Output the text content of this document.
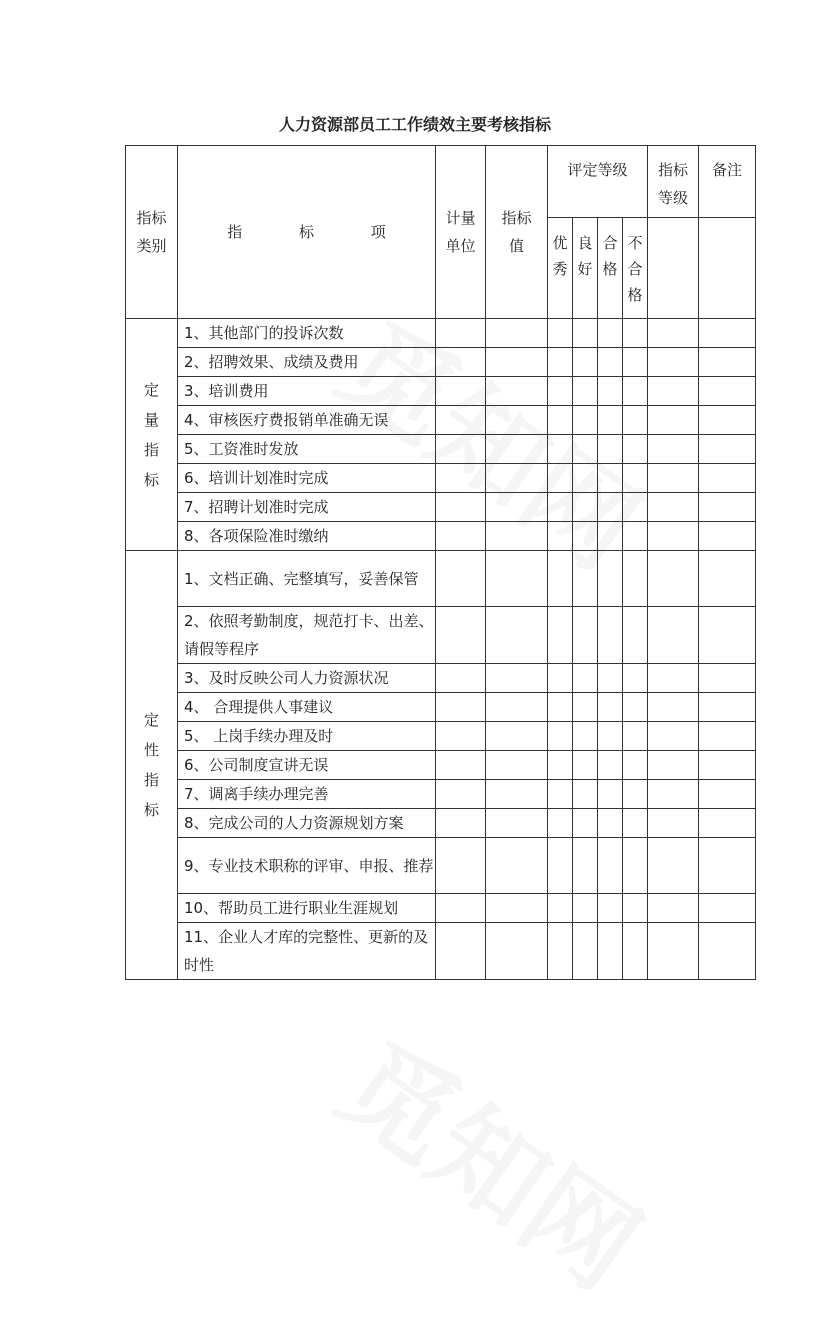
人力资源部员工工作绩效主要考核指标
指标类别	指 标 项	计量单位	指标值	评定等级				指标等级	备注

				优秀	良好	合格	不合格		

定量指标	1、其他部门的投诉次数								
	2、招聘效果、成绩及费用								
	3、培训费用								
	4、审核医疗费报销单准确无误								
	5、工资准时发放								
	6、培训计划准时完成								
	7、招聘计划准时完成								
	8、各项保险准时缴纳								

定性指标	1、文档正确、完整填写，妥善保管								
	2、依照考勤制度，规范打卡、出差、请假等程序								
	3、及时反映公司人力资源状况								
	4、 合理提供人事建议								
	5、 上岗手续办理及时								
	6、公司制度宣讲无误								
	7、调离手续办理完善								
	8、完成公司的人力资源规划方案								
	9、专业技术职称的评审、申报、推荐								
	10、帮助员工进行职业生涯规划								
	11、企业人才库的完整性、更新的及时性								
